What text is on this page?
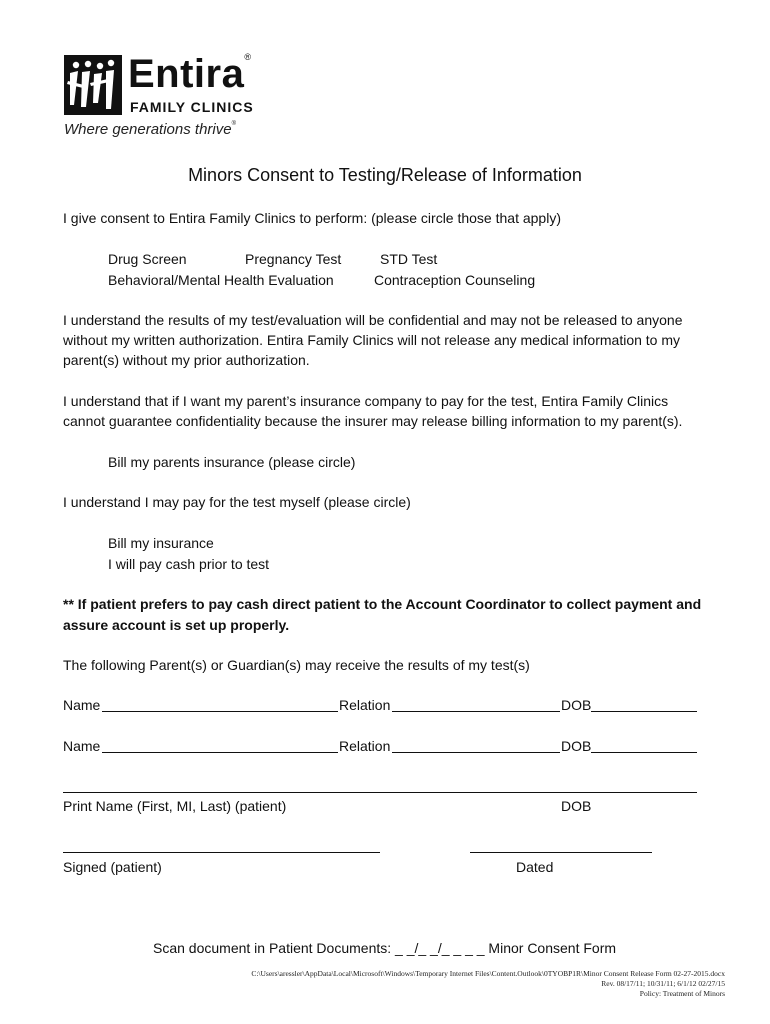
Entira®
FAMILY CLINICS
Where generations thrive®
Minors Consent to Testing/Release of Information
I give consent to Entira Family Clinics to perform: (please circle those that apply)
Drug Screen	Pregnancy Test	STD Test
Behavioral/Mental Health Evaluation	Contraception Counseling
I understand the results of my test/evaluation will be confidential and may not be released to anyone
without my written authorization. Entira Family Clinics will not release any medical information to my
parent(s) without my prior authorization.
I understand that if I want my parent’s insurance company to pay for the test, Entira Family Clinics
cannot guarantee confidentiality because the insurer may release billing information to my parent(s).
Bill my parents insurance (please circle)
I understand I may pay for the test myself (please circle)
Bill my insurance
I will pay cash prior to test
** If patient prefers to pay cash direct patient to the Account Coordinator to collect payment and
assure account is set up properly.
The following Parent(s) or Guardian(s) may receive the results of my test(s)
Name	Relation	DOB
Name	Relation	DOB
Print Name (First, MI, Last) (patient)	DOB
Signed (patient)	Dated
Scan document in Patient Documents: _ _/_ _/_ _ _ _ Minor Consent Form
C:\Users\aressler\AppData\Local\Microsoft\Windows\Temporary Internet Files\Content.Outlook\0TYOBP1R\Minor Consent Release Form 02-27-2015.docx
Rev. 08/17/11; 10/31/11; 6/1/12 02/27/15
Policy: Treatment of Minors
